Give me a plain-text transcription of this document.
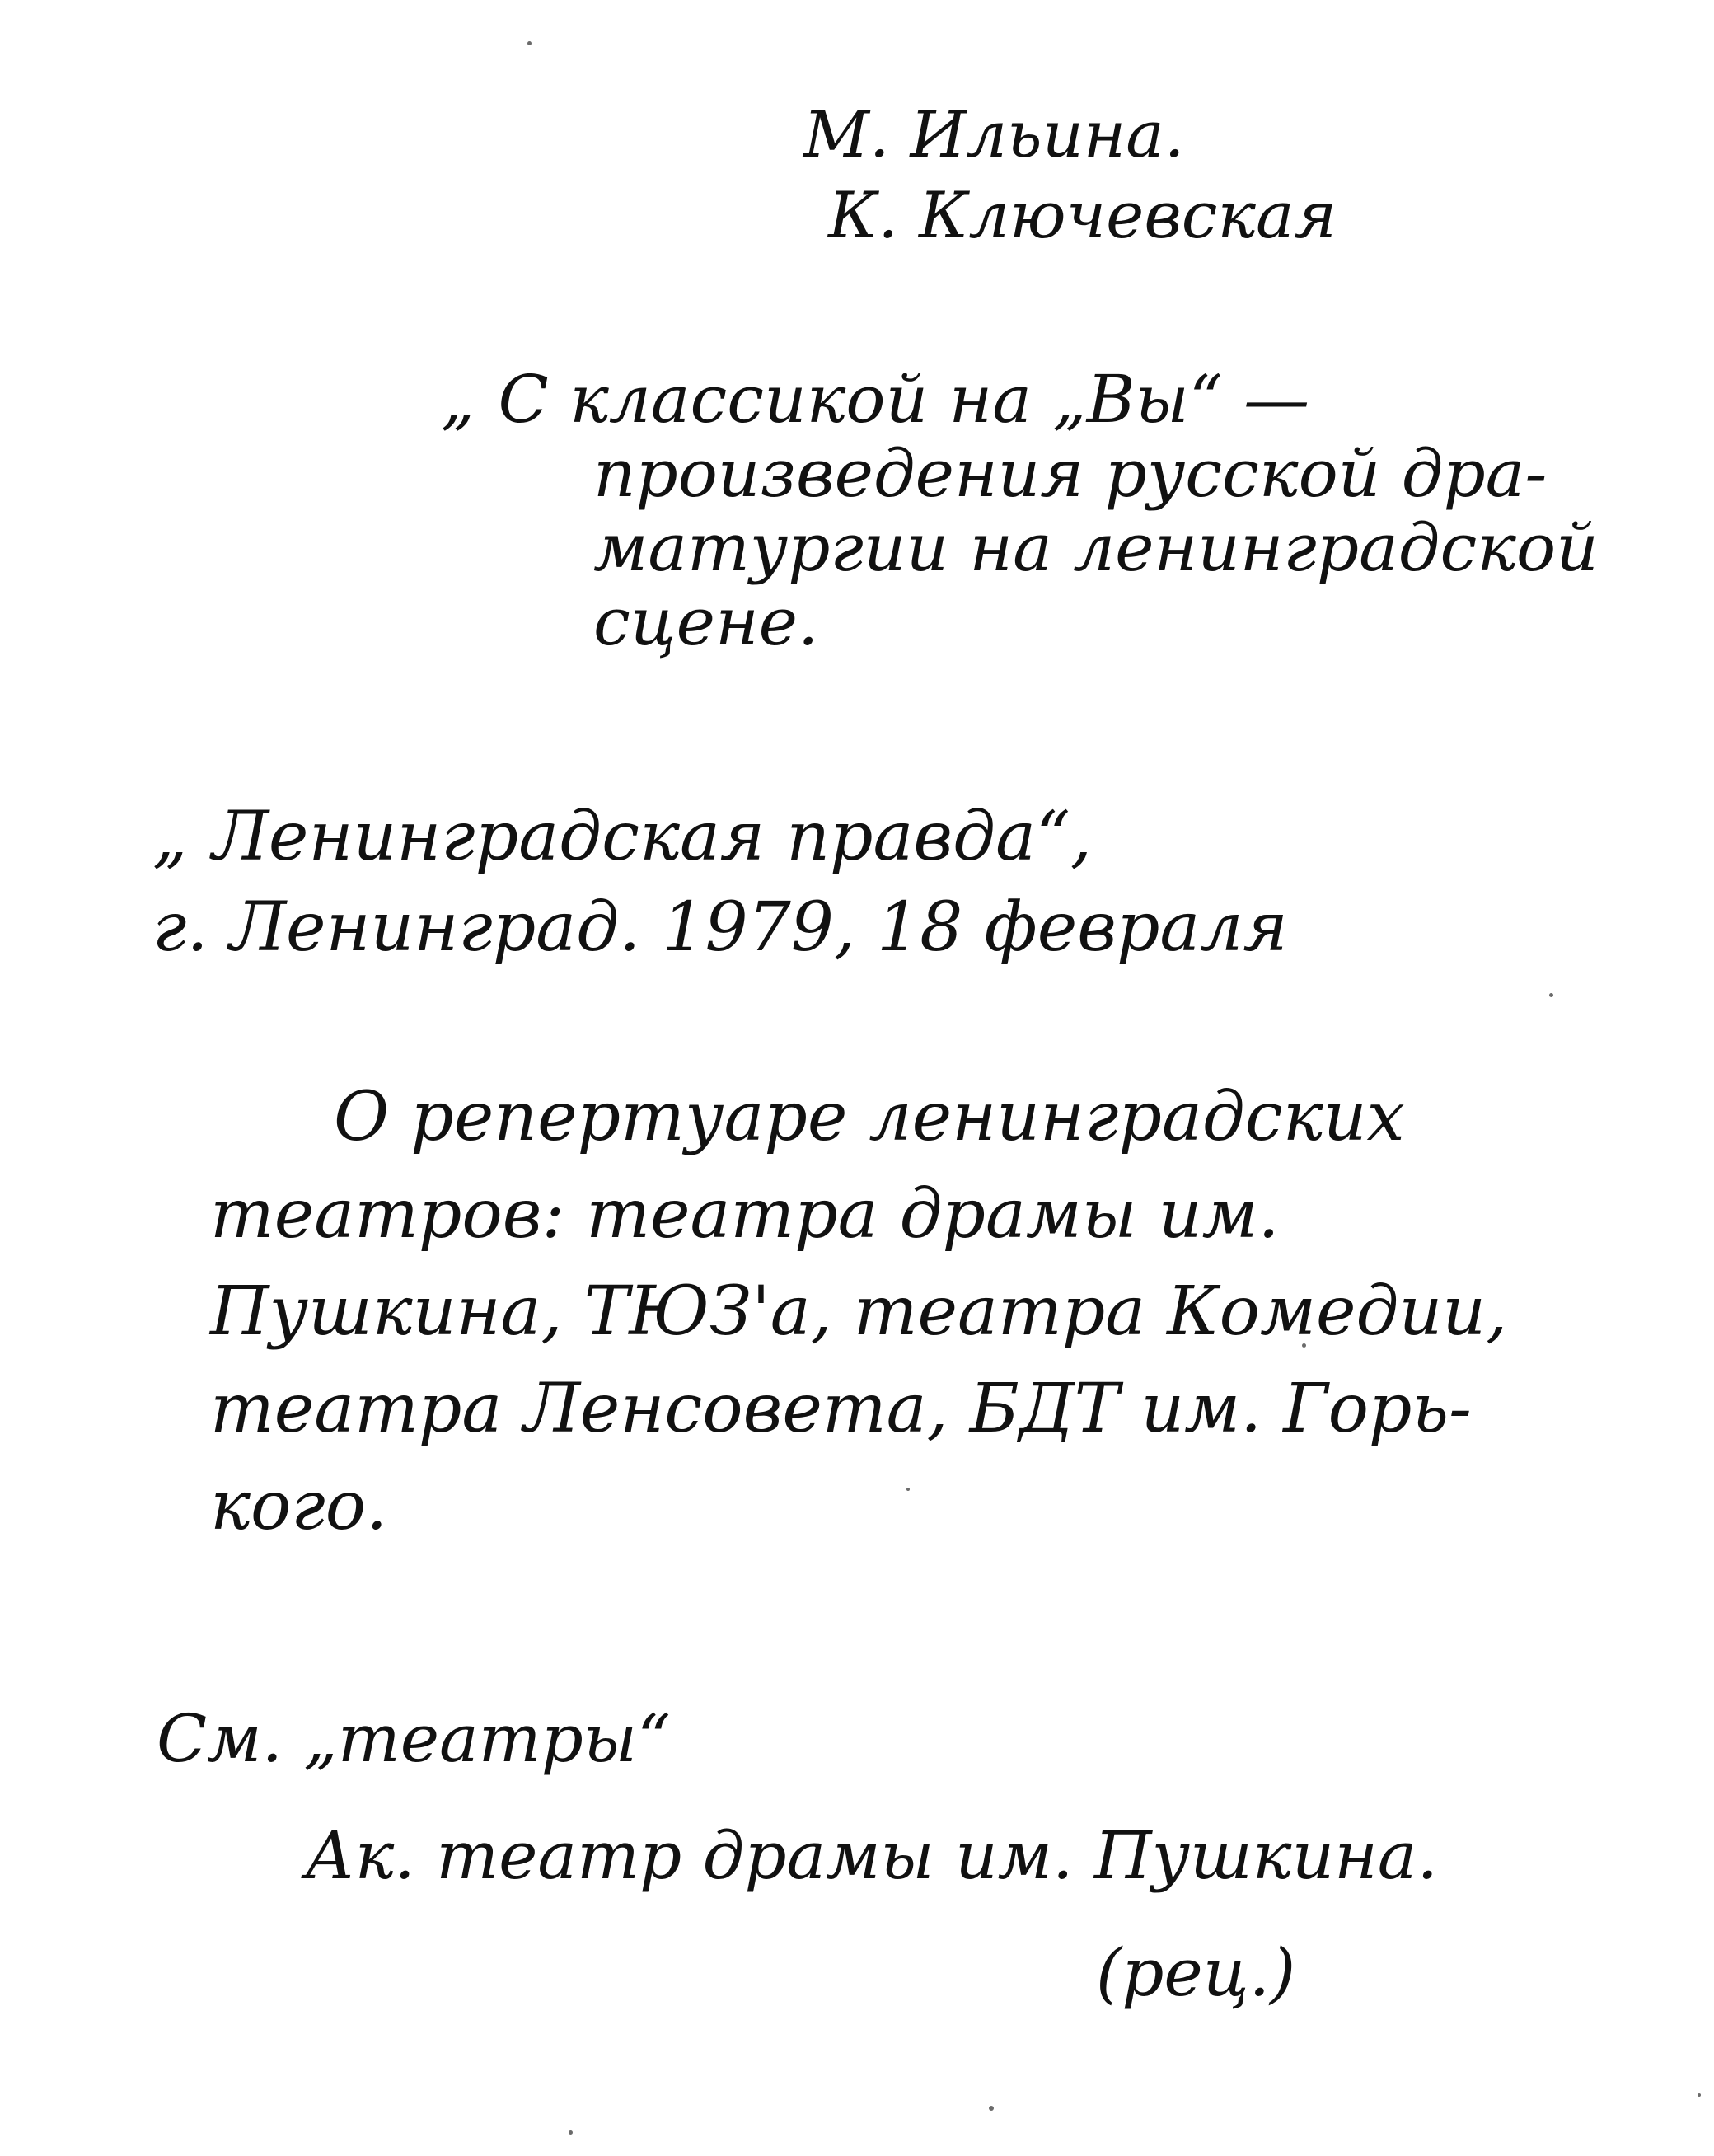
М. Ильина.
К. Ключевская
„ С классикой на „Вы“ —
произведения русской дра-
матургии на ленинградской
сцене.
„ Ленинградская правда“,
г. Ленинград. 1979, 18 февраля
О репертуаре ленинградских
театров: театра драмы им.
Пушкина, ТЮЗ'а, театра Комедии,
театра Ленсовета, БДТ им. Горь-
кого.
См. „театры“
Ак. театр драмы им. Пушкина.
(рец.)
